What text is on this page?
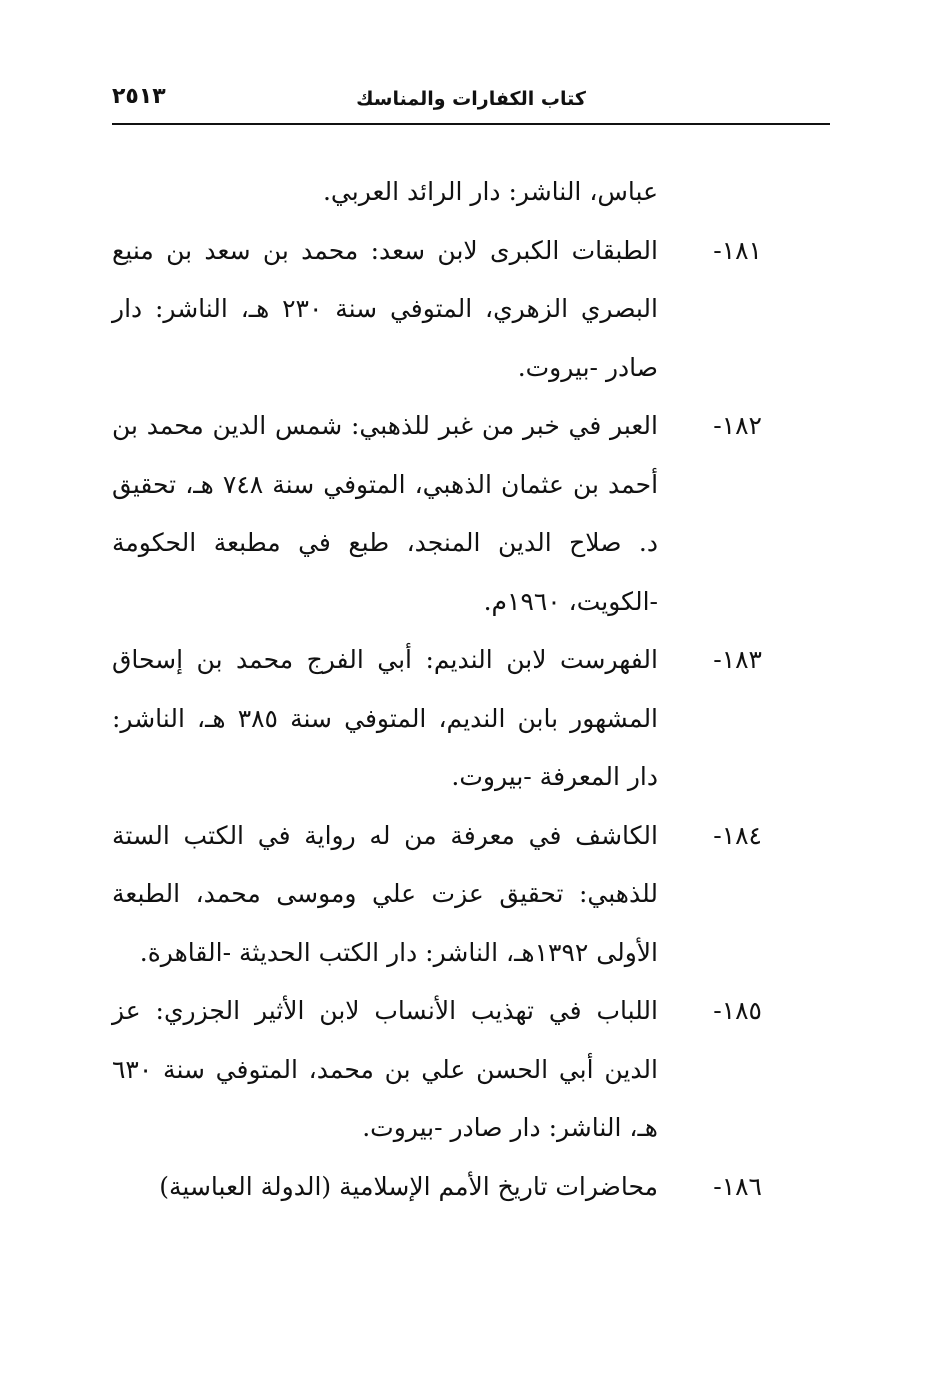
كتاب الكفارات والمناسك
٢٥١٣

عباس، الناشر: دار الرائد العربي.

١٨١-
الطبقات الكبرى لابن سعد: محمد بن سعد بن منيع البصري الزهري، المتوفي سنة ٢٣٠ هـ، الناشر: دار صادر -بيروت.
١٨٢-
العبر في خبر من غبر للذهبي: شمس الدين محمد بن أحمد بن عثمان الذهبي، المتوفي سنة ٧٤٨ هـ، تحقيق د. صلاح الدين المنجد، طبع في مطبعة الحكومة -الكويت، ١٩٦٠م.
١٨٣-
الفهرست لابن النديم: أبي الفرج محمد بن إسحاق المشهور بابن النديم، المتوفي سنة ٣٨٥ هـ، الناشر: دار المعرفة -بيروت.
١٨٤-
الكاشف في معرفة من له رواية في الكتب الستة للذهبي: تحقيق عزت علي وموسى محمد، الطبعة الأولى ١٣٩٢هـ، الناشر: دار الكتب الحديثة -القاهرة.
١٨٥-
اللباب في تهذيب الأنساب لابن الأثير الجزري: عز الدين أبي الحسن علي بن محمد، المتوفي سنة ٦٣٠ هـ، الناشر: دار صادر -بيروت.
١٨٦-
محاضرات تاريخ الأمم الإسلامية (الدولة العباسية)
